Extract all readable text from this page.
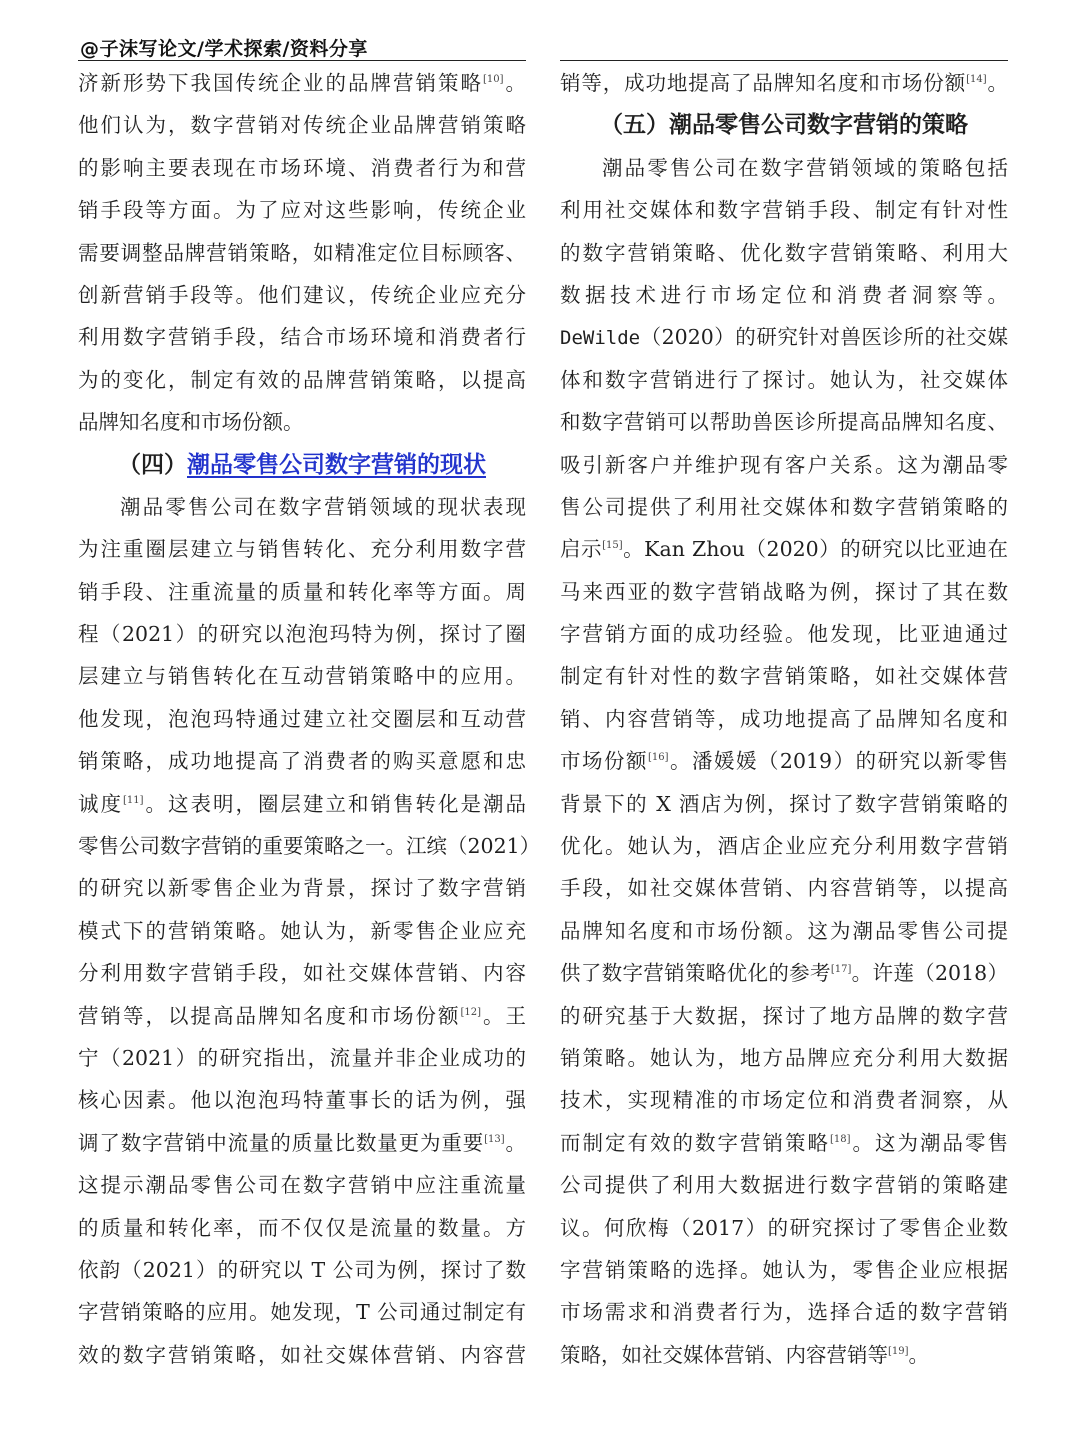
@子沫写论文/学术探索/资料分享
济新形势下我国传统企业的品牌营销策略[10]。
他们认为，数字营销对传统企业品牌营销策略
的影响主要表现在市场环境、消费者行为和营
销手段等方面。为了应对这些影响，传统企业
需要调整品牌营销策略，如精准定位目标顾客、
创新营销手段等。他们建议，传统企业应充分
利用数字营销手段，结合市场环境和消费者行
为的变化，制定有效的品牌营销策略，以提高
品牌知名度和市场份额。
（四）潮品零售公司数字营销的现状
潮品零售公司在数字营销领域的现状表现
为注重圈层建立与销售转化、充分利用数字营
销手段、注重流量的质量和转化率等方面。周
程（2021）的研究以泡泡玛特为例，探讨了圈
层建立与销售转化在互动营销策略中的应用。
他发现，泡泡玛特通过建立社交圈层和互动营
销策略，成功地提高了消费者的购买意愿和忠
诚度[11]。这表明，圈层建立和销售转化是潮品
零售公司数字营销的重要策略之一。江缤（2021）
的研究以新零售企业为背景，探讨了数字营销
模式下的营销策略。她认为，新零售企业应充
分利用数字营销手段，如社交媒体营销、内容
营销等，以提高品牌知名度和市场份额[12]。王
宁（2021）的研究指出，流量并非企业成功的
核心因素。他以泡泡玛特董事长的话为例，强
调了数字营销中流量的质量比数量更为重要[13]。
这提示潮品零售公司在数字营销中应注重流量
的质量和转化率，而不仅仅是流量的数量。方
依韵（2021）的研究以 T 公司为例，探讨了数
字营销策略的应用。她发现，T 公司通过制定有
效的数字营销策略，如社交媒体营销、内容营
销等，成功地提高了品牌知名度和市场份额[14]。
（五）潮品零售公司数字营销的策略
潮品零售公司在数字营销领域的策略包括
利用社交媒体和数字营销手段、制定有针对性
的数字营销策略、优化数字营销策略、利用大
数据技术进行市场定位和消费者洞察等。
DeWilde（2020）的研究针对兽医诊所的社交媒
体和数字营销进行了探讨。她认为，社交媒体
和数字营销可以帮助兽医诊所提高品牌知名度、
吸引新客户并维护现有客户关系。这为潮品零
售公司提供了利用社交媒体和数字营销策略的
启示[15]。Kan Zhou（2020）的研究以比亚迪在
马来西亚的数字营销战略为例，探讨了其在数
字营销方面的成功经验。他发现，比亚迪通过
制定有针对性的数字营销策略，如社交媒体营
销、内容营销等，成功地提高了品牌知名度和
市场份额[16]。潘媛媛（2019）的研究以新零售
背景下的 X 酒店为例，探讨了数字营销策略的
优化。她认为，酒店企业应充分利用数字营销
手段，如社交媒体营销、内容营销等，以提高
品牌知名度和市场份额。这为潮品零售公司提
供了数字营销策略优化的参考[17]。许莲（2018）
的研究基于大数据，探讨了地方品牌的数字营
销策略。她认为，地方品牌应充分利用大数据
技术，实现精准的市场定位和消费者洞察，从
而制定有效的数字营销策略[18]。这为潮品零售
公司提供了利用大数据进行数字营销的策略建
议。何欣梅（2017）的研究探讨了零售企业数
字营销策略的选择。她认为，零售企业应根据
市场需求和消费者行为，选择合适的数字营销
策略，如社交媒体营销、内容营销等[19]。
